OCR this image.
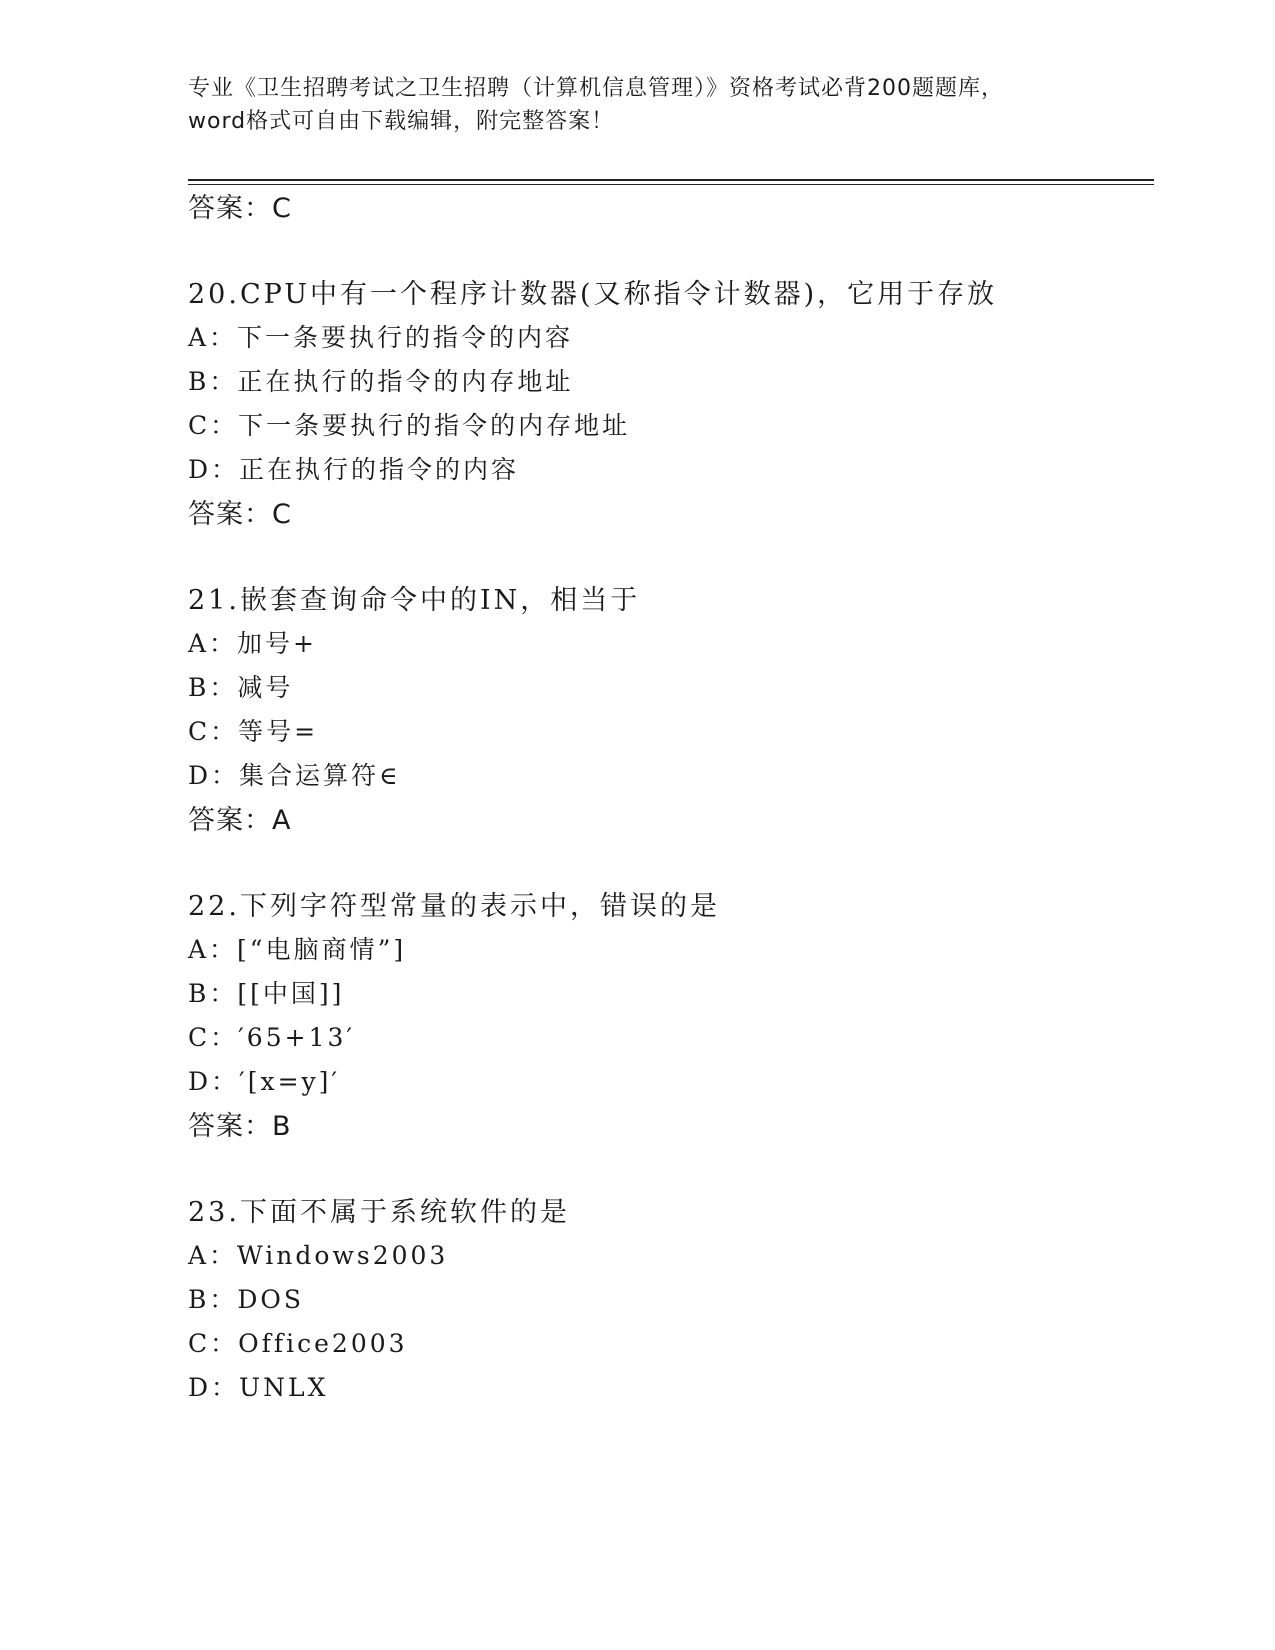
专业《卫生招聘考试之卫生招聘（计算机信息管理）》资格考试必背200题题库，
word格式可自由下载编辑，附完整答案！
答案：C
20.CPU中有一个程序计数器(又称指令计数器)，它用于存放
A：下一条要执行的指令的内容
B：正在执行的指令的内存地址
C：下一条要执行的指令的内存地址
D：正在执行的指令的内容
答案：C
21.嵌套查询命令中的IN，相当于
A：加号+
B：减号
C：等号=
D：集合运算符∈
答案：A
22.下列字符型常量的表示中，错误的是
A：[“电脑商情”]
B：[[中国]]
C：′65+13′
D：′[x=y]′
答案：B
23.下面不属于系统软件的是
A：Windows2003
B：DOS
C：Office2003
D：UNLX
